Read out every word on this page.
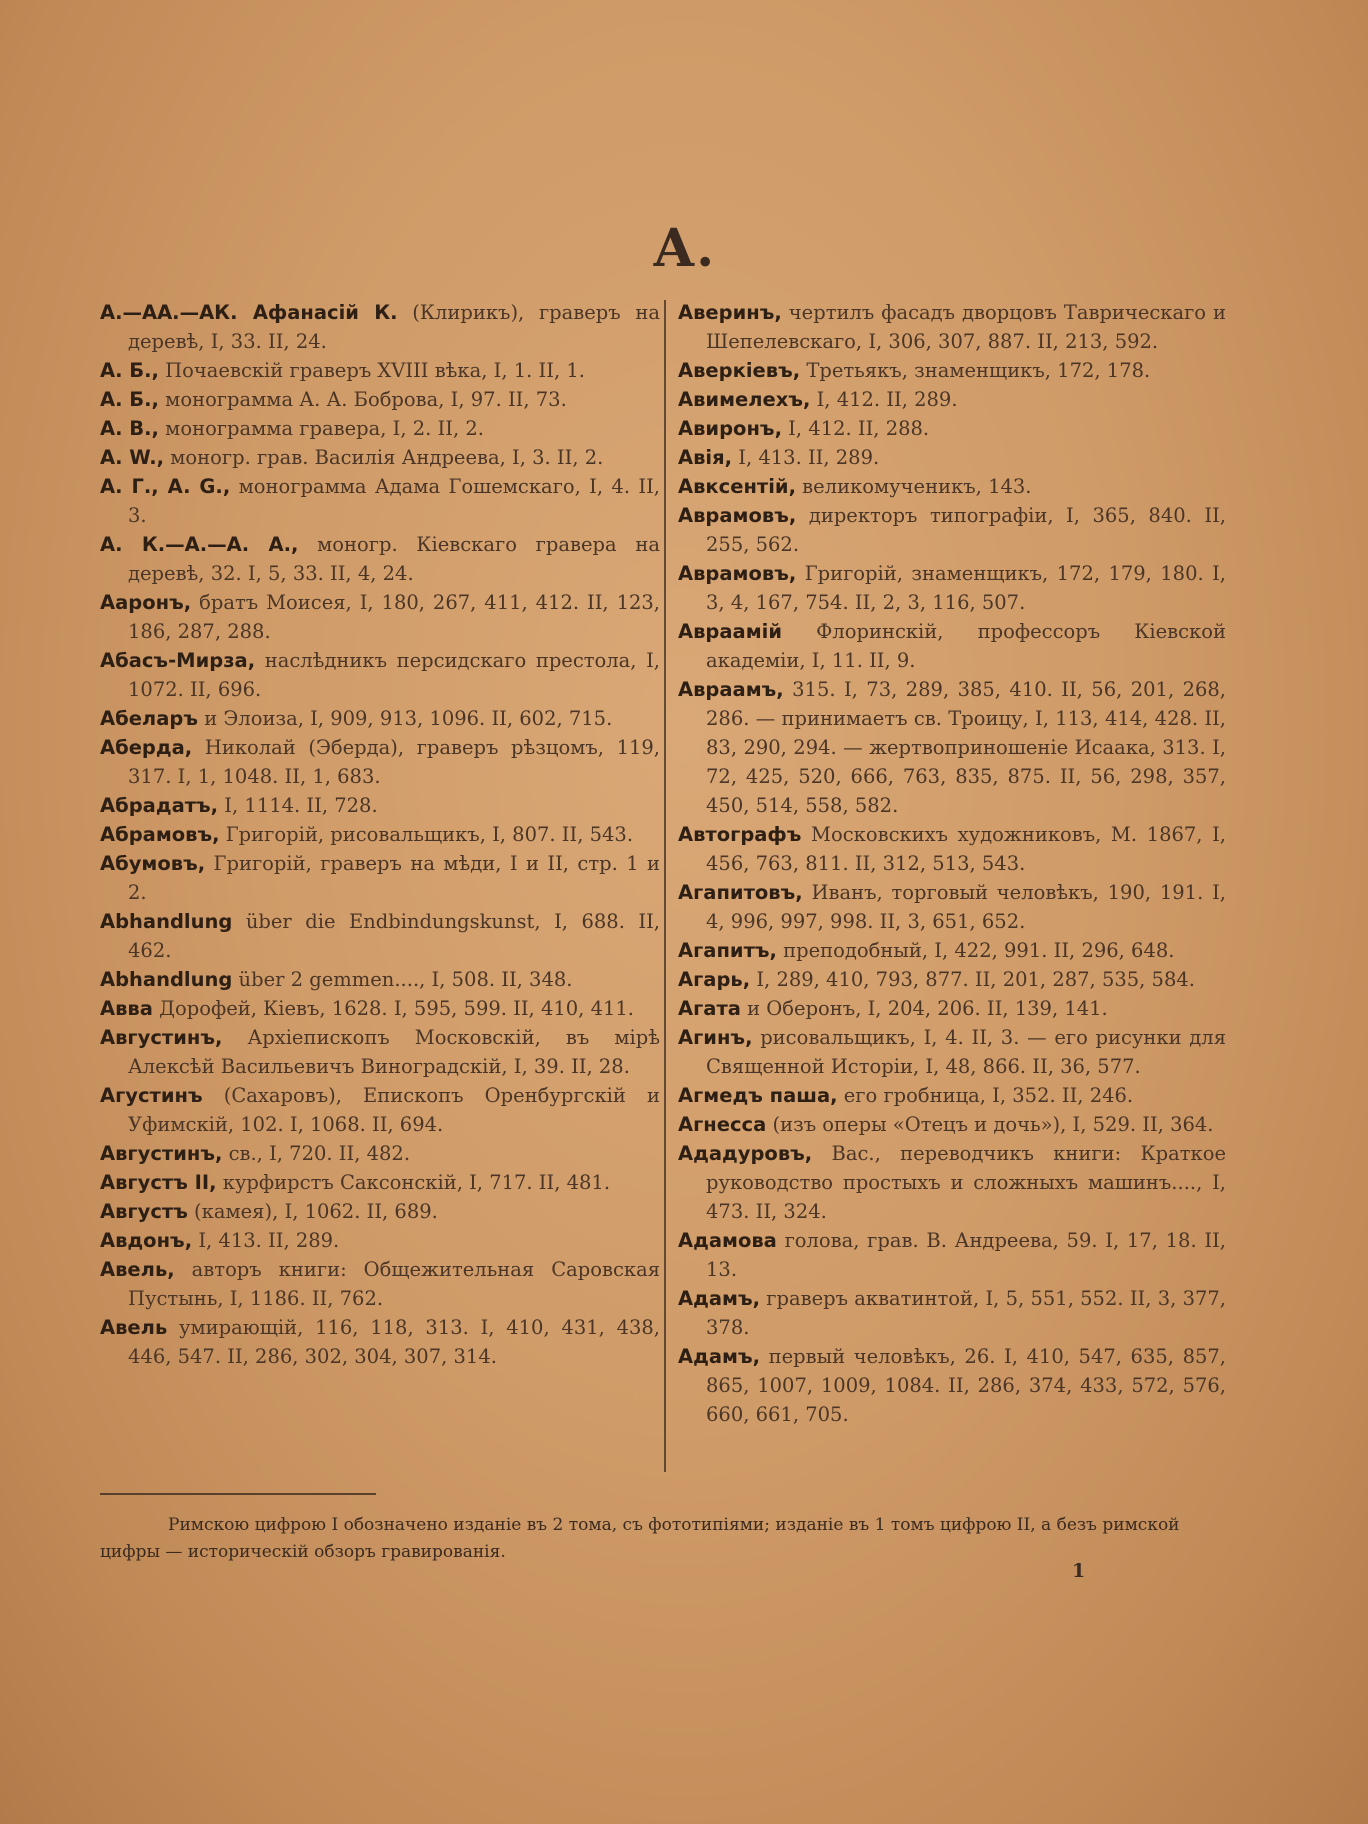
А.

А.—АА.—АК. Афанасій К. (Клирикъ), граверъ на деревѣ, I, 33. II, 24.

А. Б., Почаевскій граверъ XVIII вѣка, I, 1. II, 1.

А. Б., монограмма А. А. Боброва, I, 97. II, 73.

А. В., монограмма гравера, I, 2. II, 2.

А. W., моногр. грав. Василія Андреева, I, 3. II, 2.

А. Г., A. G., монограмма Адама Гошемскаго, I, 4. II, 3.

А. К.—А.—А. А., моногр. Кіевскаго гравера на деревѣ, 32. I, 5, 33. II, 4, 24.

Ааронъ, братъ Моисея, I, 180, 267, 411, 412. II, 123, 186, 287, 288.

Абасъ-Мирза, наслѣдникъ персидскаго престола, I, 1072. II, 696.

Абеларъ и Элоиза, I, 909, 913, 1096. II, 602, 715.

Аберда, Николай (Эберда), граверъ рѣзцомъ, 119, 317. I, 1, 1048. II, 1, 683.

Абрадатъ, I, 1114. II, 728.

Абрамовъ, Григорій, рисовальщикъ, I, 807. II, 543.

Абумовъ, Григорій, граверъ на мѣди, I и II, стр. 1 и 2.

Abhandlung über die Endbindungskunst, I, 688. II, 462.

Abhandlung über 2 gemmen...., I, 508. II, 348.

Авва Дорофей, Кіевъ, 1628. I, 595, 599. II, 410, 411.

Августинъ, Архіепископъ Московскій, въ мірѣ Алексѣй Васильевичъ Виноградскій, I, 39. II, 28.

Агустинъ (Сахаровъ), Епископъ Оренбургскій и Уфимскій, 102. I, 1068. II, 694.

Августинъ, св., I, 720. II, 482.

Августъ II, курфирстъ Саксонскій, I, 717. II, 481.

Августъ (камея), I, 1062. II, 689.

Авдонъ, I, 413. II, 289.

Авель, авторъ книги: Общежительная Саровская Пустынь, I, 1186. II, 762.

Авель умирающій, 116, 118, 313. I, 410, 431, 438, 446, 547. II, 286, 302, 304, 307, 314.

Аверинъ, чертилъ фасадъ дворцовъ Таврическаго и Шепелевскаго, I, 306, 307, 887. II, 213, 592.

Аверкіевъ, Третьякъ, знаменщикъ, 172, 178.

Авимелехъ, I, 412. II, 289.

Авиронъ, I, 412. II, 288.

Авія, I, 413. II, 289.

Авксентій, великомученикъ, 143.

Аврамовъ, директоръ типографіи, I, 365, 840. II, 255, 562.

Аврамовъ, Григорій, знаменщикъ, 172, 179, 180. I, 3, 4, 167, 754. II, 2, 3, 116, 507.

Авраамій Флоринскій, профессоръ Кіевской академіи, I, 11. II, 9.

Авраамъ, 315. I, 73, 289, 385, 410. II, 56, 201, 268, 286. — принимаетъ св. Троицу, I, 113, 414, 428. II, 83, 290, 294. — жертвоприношеніе Исаака, 313. I, 72, 425, 520, 666, 763, 835, 875. II, 56, 298, 357, 450, 514, 558, 582.

Автографъ Московскихъ художниковъ, М. 1867, I, 456, 763, 811. II, 312, 513, 543.

Агапитовъ, Иванъ, торговый человѣкъ, 190, 191. I, 4, 996, 997, 998. II, 3, 651, 652.

Агапитъ, преподобный, I, 422, 991. II, 296, 648.

Агарь, I, 289, 410, 793, 877. II, 201, 287, 535, 584.

Агата и Оберонъ, I, 204, 206. II, 139, 141.

Агинъ, рисовальщикъ, I, 4. II, 3. — его рисунки для Священной Исторіи, I, 48, 866. II, 36, 577.

Агмедъ паша, его гробница, I, 352. II, 246.

Агнесса (изъ оперы «Отецъ и дочь»), I, 529. II, 364.

Ададуровъ, Вас., переводчикъ книги: Краткое руководство простыхъ и сложныхъ машинъ...., I, 473. II, 324.

Адамова голова, грав. В. Андреева, 59. I, 17, 18. II, 13.

Адамъ, граверъ акватинтой, I, 5, 551, 552. II, 3, 377, 378.

Адамъ, первый человѣкъ, 26. I, 410, 547, 635, 857, 865, 1007, 1009, 1084. II, 286, 374, 433, 572, 576, 660, 661, 705.

Римскою цифрою I обозначено изданіе въ 2 тома, съ фототипіями; изданіе въ 1 томъ цифрою II, а безъ римской цифры — историческій обзоръ гравированія.
1
